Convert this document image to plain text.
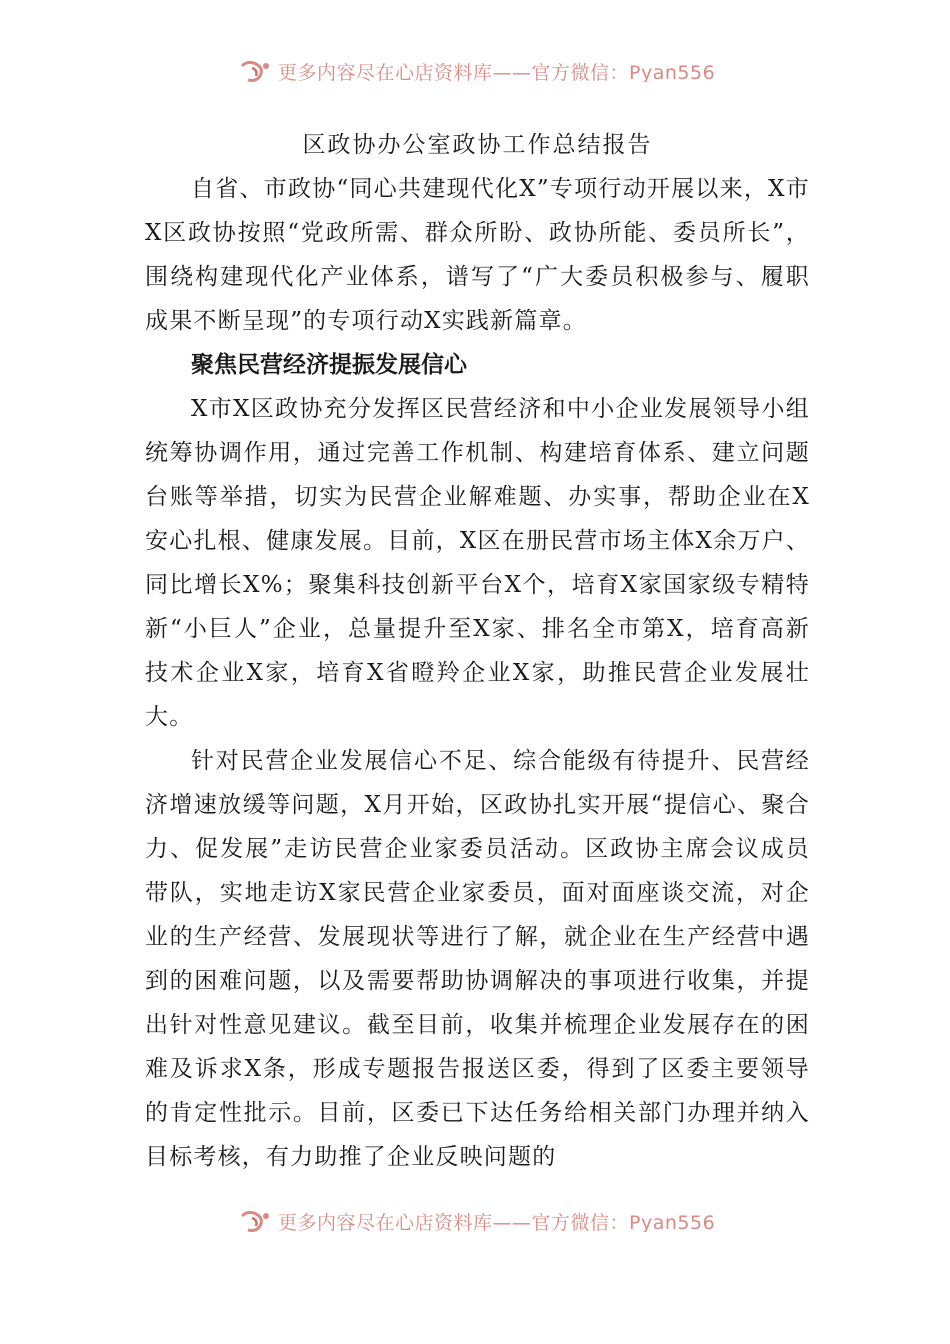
更多内容尽在心店资料库——官方微信：Pyan556
区政协办公室政协工作总结报告

自省、市政协“同心共建现代化X”专项行动开展以来，X市X区政协按照“党政所需、群众所盼、政协所能、委员所长”，围绕构建现代化产业体系，谱写了“广大委员积极参与、履职成果不断呈现”的专项行动X实践新篇章。

聚焦民营经济提振发展信心

X市X区政协充分发挥区民营经济和中小企业发展领导小组统筹协调作用，通过完善工作机制、构建培育体系、建立问题台账等举措，切实为民营企业解难题、办实事，帮助企业在X安心扎根、健康发展。目前，X区在册民营市场主体X余万户、同比增长X%；聚集科技创新平台X个，培育X家国家级专精特新“小巨人”企业，总量提升至X家、排名全市第X，培育高新技术企业X家，培育X省瞪羚企业X家，助推民营企业发展壮大。

针对民营企业发展信心不足、综合能级有待提升、民营经济增速放缓等问题，X月开始，区政协扎实开展“提信心、聚合力、促发展”走访民营企业家委员活动。区政协主席会议成员带队，实地走访X家民营企业家委员，面对面座谈交流，对企业的生产经营、发展现状等进行了解，就企业在生产经营中遇到的困难问题，以及需要帮助协调解决的事项进行收集，并提出针对性意见建议。截至目前，收集并梳理企业发展存在的困难及诉求X条，形成专题报告报送区委，得到了区委主要领导的肯定性批示。目前，区委已下达任务给相关部门办理并纳入目标考核，有力助推了企业反映问题的

更多内容尽在心店资料库——官方微信：Pyan556
